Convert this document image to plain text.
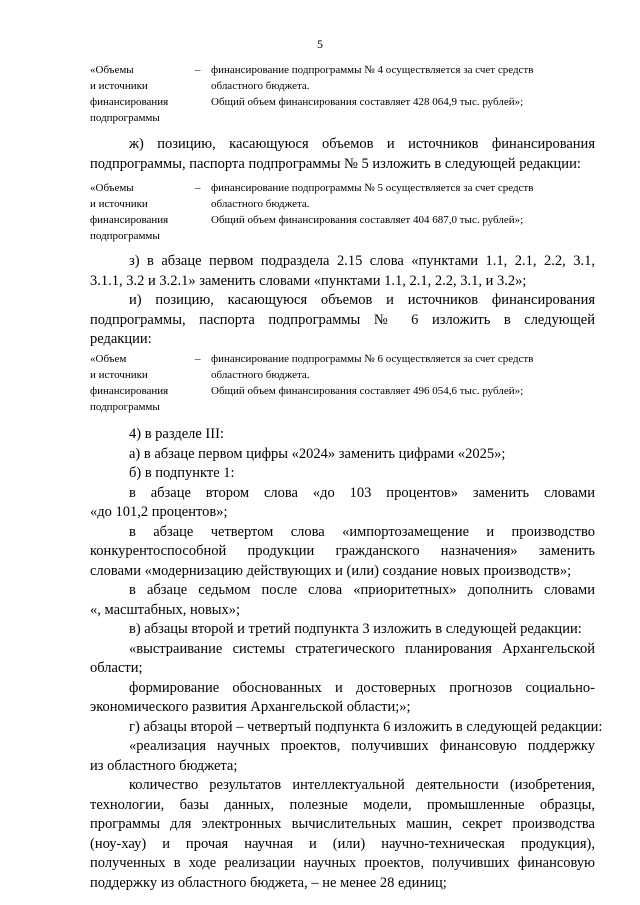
5
«Объемы
и источники
финансирования
подпрограммы
– финансирование подпрограммы № 4 осуществляется за счет средств
областного бюджета.
Общий объем финансирования составляет 428 064,9 тыс. рублей»;
ж) позицию, касающуюся объемов и источников финансирования
подпрограммы, паспорта подпрограммы № 5 изложить в следующей редакции:
«Объемы
и источники
финансирования
подпрограммы
– финансирование подпрограммы № 5 осуществляется за счет средств
областного бюджета.
Общий объем финансирования составляет 404 687,0 тыс. рублей»;
з) в абзаце первом подраздела 2.15 слова «пунктами 1.1, 2.1, 2.2, 3.1,
3.1.1, 3.2 и 3.2.1» заменить словами «пунктами 1.1, 2.1, 2.2, 3.1, и 3.2»;
и) позицию, касающуюся объемов и источников финансирования
подпрограммы, паспорта подпрограммы № 6 изложить в следующей
редакции:
«Объем
и источники
финансирования
подпрограммы
– финансирование подпрограммы № 6 осуществляется за счет средств
областного бюджета.
Общий объем финансирования составляет 496 054,6 тыс. рублей»;
4) в разделе III:
а) в абзаце первом цифры «2024» заменить цифрами «2025»;
б) в подпункте 1:
в абзаце втором слова «до 103 процентов» заменить словами
«до 101,2 процентов»;
в абзаце четвертом слова «импортозамещение и производство
конкурентоспособной продукции гражданского назначения» заменить
словами «модернизацию действующих и (или) создание новых производств»;
в абзаце седьмом после слова «приоритетных» дополнить словами
«, масштабных, новых»;
в) абзацы второй и третий подпункта 3 изложить в следующей редакции:
«выстраивание системы стратегического планирования Архангельской
области;
формирование обоснованных и достоверных прогнозов социально-
экономического развития Архангельской области;»;
г) абзацы второй – четвертый подпункта 6 изложить в следующей редакции:
«реализация научных проектов, получивших финансовую поддержку
из областного бюджета;
количество результатов интеллектуальной деятельности (изобретения,
технологии, базы данных, полезные модели, промышленные образцы,
программы для электронных вычислительных машин, секрет производства
(ноу-хау) и прочая научная и (или) научно-техническая продукция),
полученных в ходе реализации научных проектов, получивших финансовую
поддержку из областного бюджета, – не менее 28 единиц;
